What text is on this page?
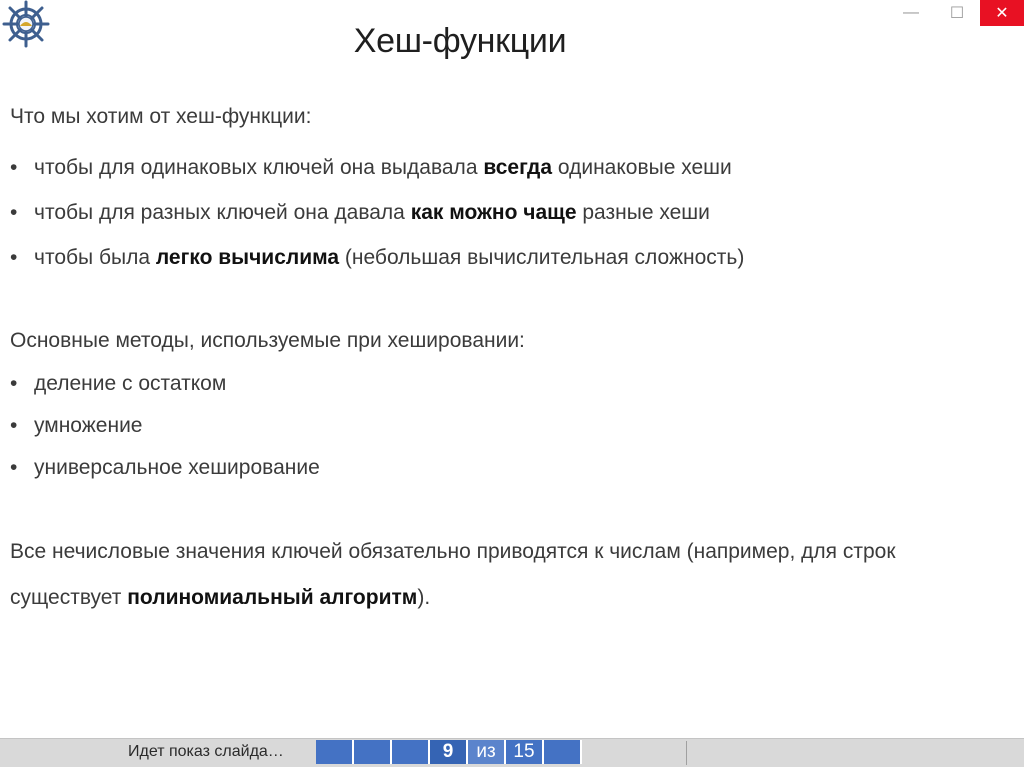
— ☐ ✕
Хеш-функции
Что мы хотим от хеш-функции:
• чтобы для одинаковых ключей она выдавала всегда одинаковые хеши
• чтобы для разных ключей она давала как можно чаще разные хеши
• чтобы была легко вычислима (небольшая вычислительная сложность)
Основные методы, используемые при хешировании:
• деление с остатком
• умножение
• универсальное хеширование
Все нечисловые значения ключей обязательно приводятся к числам (например, для строк
существует полиномиальный алгоритм).
Идет показ слайда…	9	из 15
